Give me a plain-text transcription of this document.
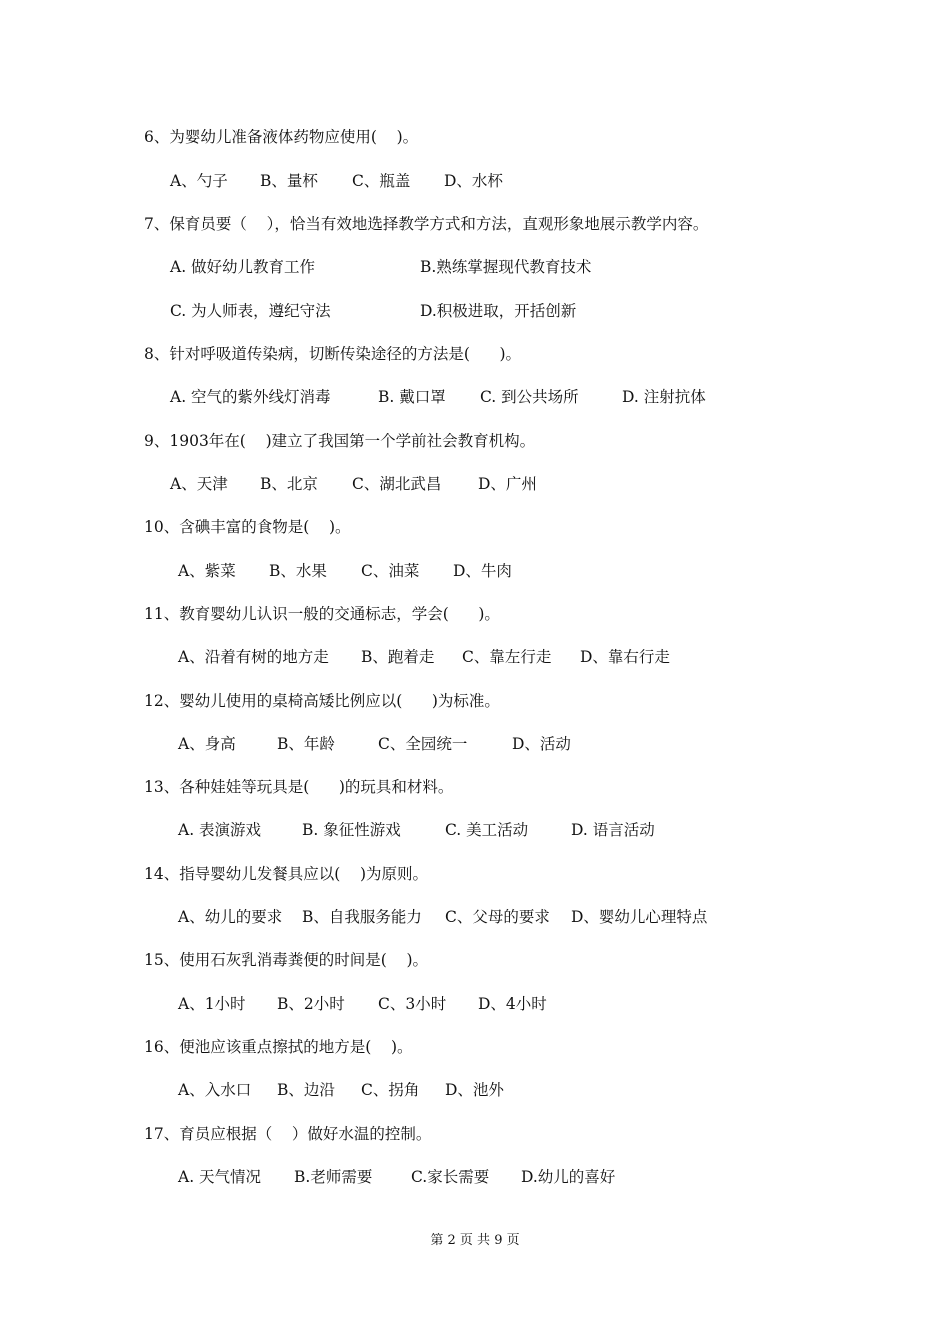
6、为婴幼儿准备液体药物应使用(    )。
A、勺子 B、量杯 C、瓶盖 D、水杯
7、保育员要（    ），恰当有效地选择教学方式和方法，直观形象地展示教学内容。
A. 做好幼儿教育工作	B.熟练掌握现代教育技术
C. 为人师表，遵纪守法	D.积极进取，开括创新
8、针对呼吸道传染病，切断传染途径的方法是(      )。
A. 空气的紫外线灯消毒	B. 戴口罩 C. 到公共场所	D. 注射抗体
9、1903年在(    )建立了我国第一个学前社会教育机构。
A、天津 B、北京 C、湖北武昌 D、广州
10、含碘丰富的食物是(    )。
A、紫菜 B、水果 C、油菜 D、牛肉
11、教育婴幼儿认识一般的交通标志，学会(      )。
A、沿着有树的地方走 B、跑着走 C、靠左行走 D、靠右行走
12、婴幼儿使用的桌椅高矮比例应以(      )为标准。
A、身高	B、年龄	C、全园统一	D、活动
13、各种娃娃等玩具是(      )的玩具和材料。
A. 表演游戏	B. 象征性游戏	C. 美工活动	D. 语言活动
14、指导婴幼儿发餐具应以(    )为原则。
A、幼儿的要求 B、自我服务能力 C、父母的要求 D、婴幼儿心理特点
15、使用石灰乳消毒粪便的时间是(    )。
A、1小时 B、2小时 C、3小时 D、4小时
16、便池应该重点擦拭的地方是(    )。
A、入水口 B、边沿 C、拐角 D、池外
17、育员应根据（    ）做好水温的控制。
A. 天气情况 B.老师需要 C.家长需要 D.幼儿的喜好
第 2 页 共 9 页
